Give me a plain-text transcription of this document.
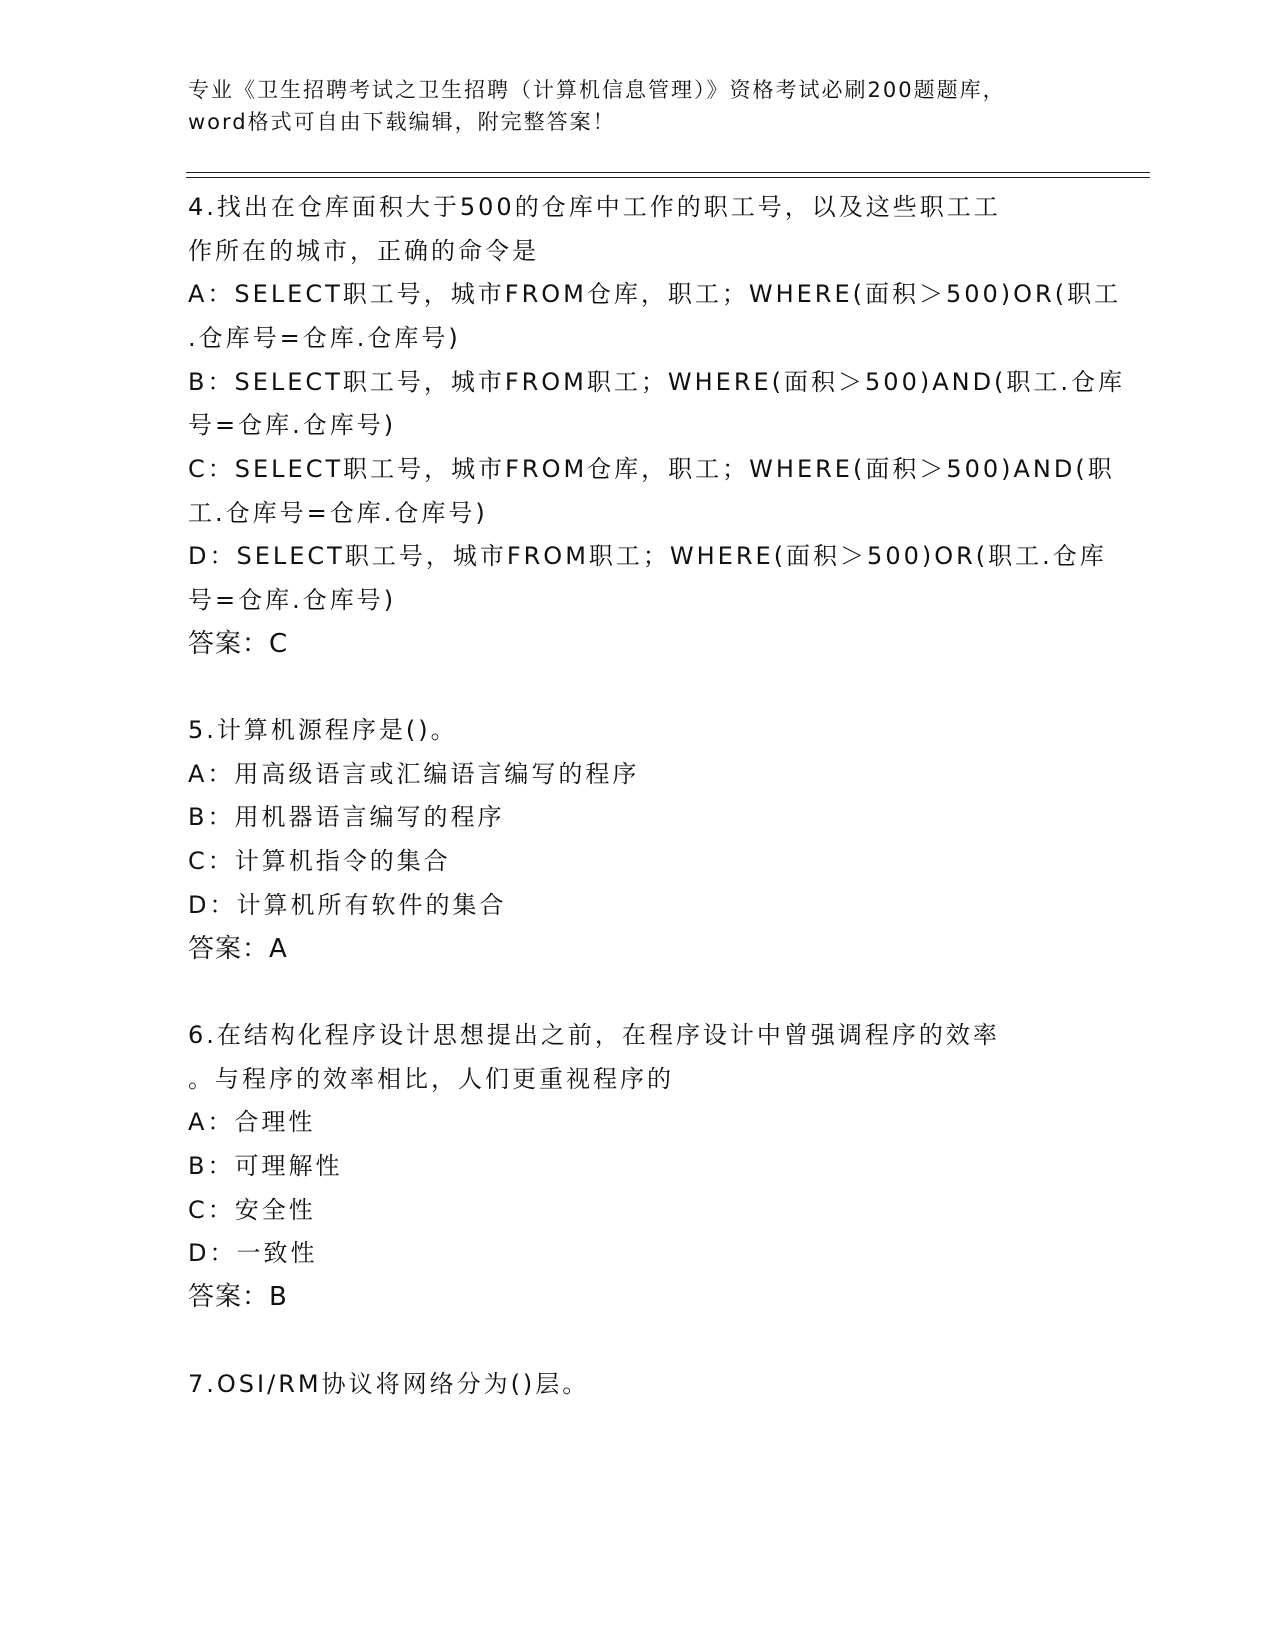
专业《卫生招聘考试之卫生招聘（计算机信息管理）》资格考试必刷200题题库，
word格式可自由下载编辑，附完整答案！
4.找出在仓库面积大于500的仓库中工作的职工号，以及这些职工工
作所在的城市，正确的命令是
A：SELECT职工号，城市FROM仓库，职工；WHERE(面积＞500)OR(职工
.仓库号=仓库.仓库号)
B：SELECT职工号，城市FROM职工；WHERE(面积＞500)AND(职工.仓库
号=仓库.仓库号)
C：SELECT职工号，城市FROM仓库，职工；WHERE(面积＞500)AND(职
工.仓库号=仓库.仓库号)
D：SELECT职工号，城市FROM职工；WHERE(面积＞500)OR(职工.仓库
号=仓库.仓库号)
答案：C
5.计算机源程序是()。
A：用高级语言或汇编语言编写的程序
B：用机器语言编写的程序
C：计算机指令的集合
D：计算机所有软件的集合
答案：A
6.在结构化程序设计思想提出之前，在程序设计中曾强调程序的效率
。与程序的效率相比，人们更重视程序的
A：合理性
B：可理解性
C：安全性
D：一致性
答案：B
7.OSI/RM协议将网络分为()层。
